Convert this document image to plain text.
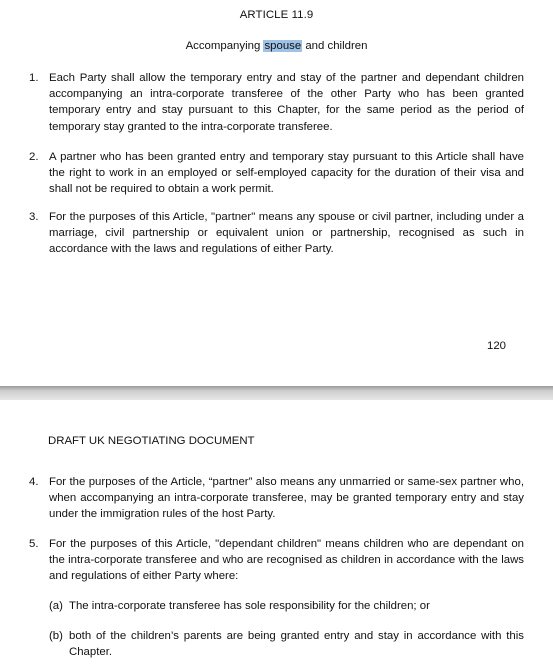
ARTICLE 11.9
Accompanying spouse and children
1. Each Party shall allow the temporary entry and stay of the partner and dependant children accompanying an intra-corporate transferee of the other Party who has been granted temporary entry and stay pursuant to this Chapter, for the same period as the period of temporary stay granted to the intra-corporate transferee.
2. A partner who has been granted entry and temporary stay pursuant to this Article shall have the right to work in an employed or self-employed capacity for the duration of their visa and shall not be required to obtain a work permit.
3. For the purposes of this Article, "partner" means any spouse or civil partner, including under a marriage, civil partnership or equivalent union or partnership, recognised as such in accordance with the laws and regulations of either Party.
120
DRAFT UK NEGOTIATING DOCUMENT
4. For the purposes of the Article, “partner” also means any unmarried or same-sex partner who, when accompanying an intra-corporate transferee, may be granted temporary entry and stay under the immigration rules of the host Party.
5. For the purposes of this Article, "dependant children" means children who are dependant on the intra-corporate transferee and who are recognised as children in accordance with the laws and regulations of either Party where:
(a) The intra-corporate transferee has sole responsibility for the children; or
(b) both of the children’s parents are being granted entry and stay in accordance with this Chapter.
